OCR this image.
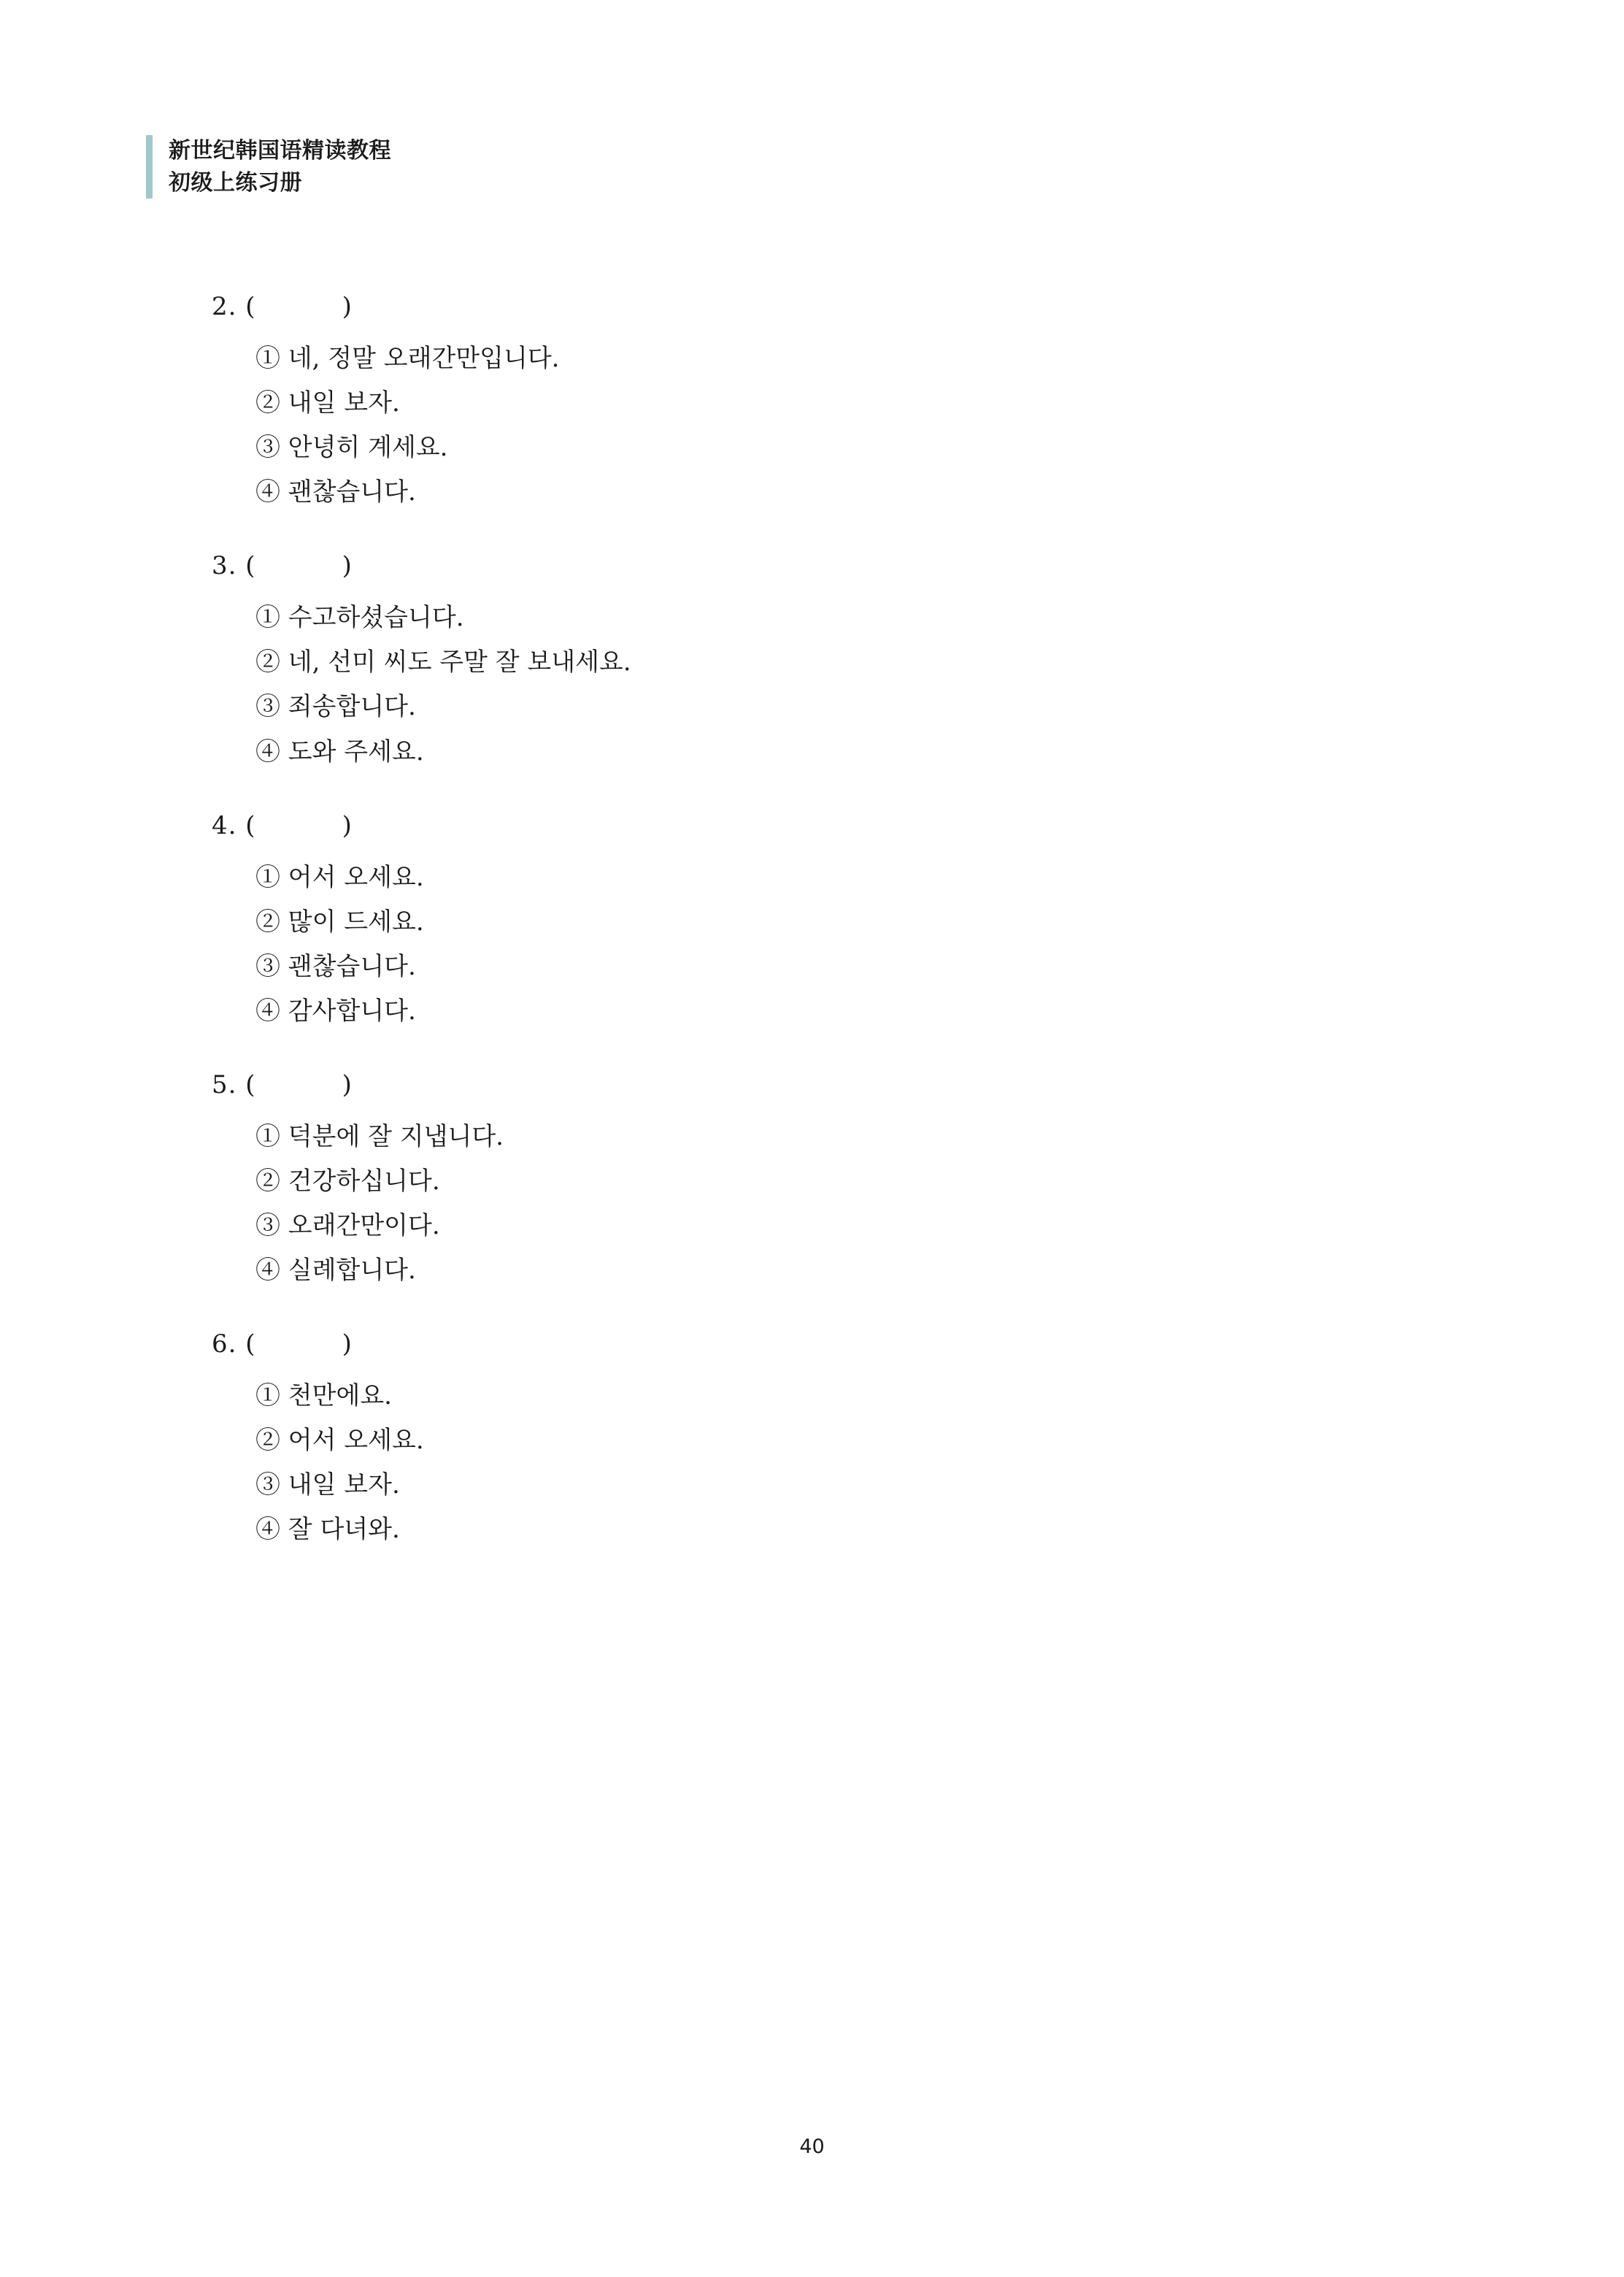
新世纪韩国语精读教程
初级上练习册
2. (          )
① 네, 정말 오래간만입니다.
② 내일 보자.
③ 안녕히 계세요.
④ 괜찮습니다.
3. (          )
① 수고하셨습니다.
② 네, 선미 씨도 주말 잘 보내세요.
③ 죄송합니다.
④ 도와 주세요.
4. (          )
① 어서 오세요.
② 많이 드세요.
③ 괜찮습니다.
④ 감사합니다.
5. (          )
① 덕분에 잘 지냅니다.
② 건강하십니다.
③ 오래간만이다.
④ 실례합니다.
6. (          )
① 천만에요.
② 어서 오세요.
③ 내일 보자.
④ 잘 다녀와.
40
